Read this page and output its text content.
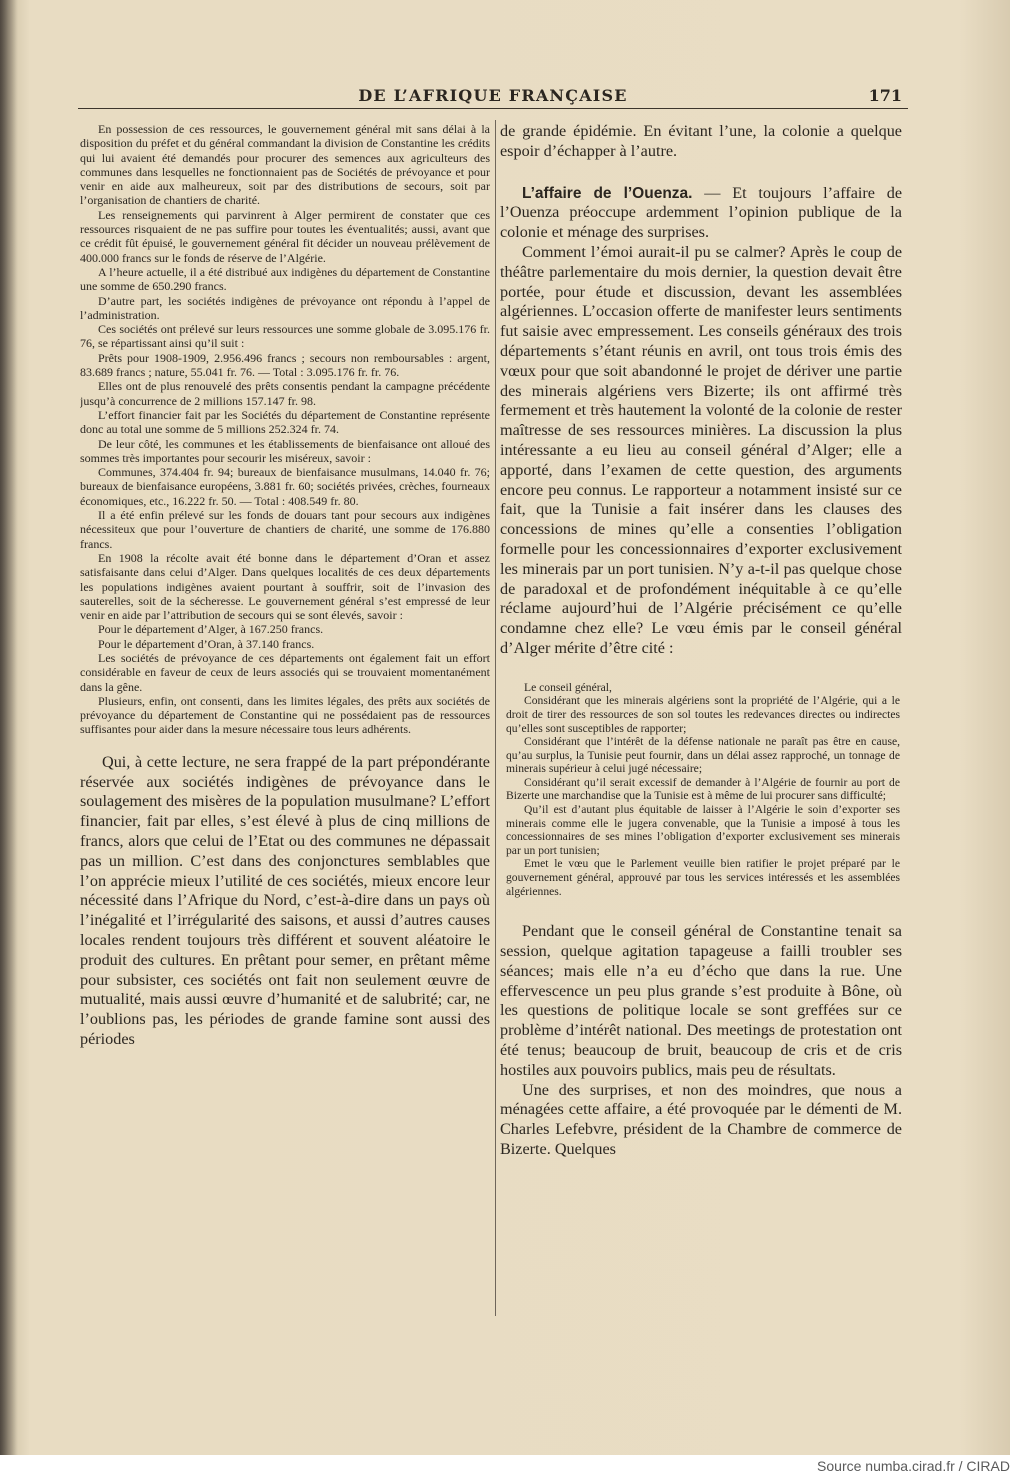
DE L’AFRIQUE FRANÇAISE	171

En possession de ces ressources, le gouvernement général mit sans délai à la disposition du préfet et du général commandant la division de Constantine les crédits qui lui avaient été demandés pour procurer des semences aux agriculteurs des communes dans lesquelles ne fonctionnaient pas de Sociétés de prévoyance et pour venir en aide aux malheureux, soit par des distributions de secours, soit par l’organisation de chantiers de charité.

Les renseignements qui parvinrent à Alger permirent de constater que ces ressources risquaient de ne pas suffire pour toutes les éventualités; aussi, avant que ce crédit fût épuisé, le gouvernement général fit décider un nouveau prélèvement de 400.000 francs sur le fonds de réserve de l’Algérie.

A l’heure actuelle, il a été distribué aux indigènes du département de Constantine une somme de 650.290 francs.

D’autre part, les sociétés indigènes de prévoyance ont répondu à l’appel de l’administration.

Ces sociétés ont prélevé sur leurs ressources une somme globale de 3.095.176 fr. 76, se répartissant ainsi qu’il suit :

Prêts pour 1908-1909, 2.956.496 francs ; secours non remboursables : argent, 83.689 francs ; nature, 55.041 fr. 76. — Total : 3.095.176 fr. fr. 76.

Elles ont de plus renouvelé des prêts consentis pendant la campagne précédente jusqu’à concurrence de 2 millions 157.147 fr. 98.

L’effort financier fait par les Sociétés du département de Constantine représente donc au total une somme de 5 millions 252.324 fr. 74.

De leur côté, les communes et les établissements de bienfaisance ont alloué des sommes très importantes pour secourir les miséreux, savoir :

Communes, 374.404 fr. 94; bureaux de bienfaisance musulmans, 14.040 fr. 76; bureaux de bienfaisance européens, 3.881 fr. 60; sociétés privées, crèches, fourneaux économiques, etc., 16.222 fr. 50. — Total : 408.549 fr. 80.

Il a été enfin prélevé sur les fonds de douars tant pour secours aux indigènes nécessiteux que pour l’ouverture de chantiers de charité, une somme de 176.880 francs.

En 1908 la récolte avait été bonne dans le département d’Oran et assez satisfaisante dans celui d’Alger. Dans quelques localités de ces deux départements les populations indigènes avaient pourtant à souffrir, soit de l’invasion des sauterelles, soit de la sécheresse. Le gouvernement général s’est empressé de leur venir en aide par l’attribution de secours qui se sont élevés, savoir :

Pour le département d’Alger, à 167.250 francs.

Pour le département d’Oran, à 37.140 francs.

Les sociétés de prévoyance de ces départements ont également fait un effort considérable en faveur de ceux de leurs associés qui se trouvaient momentanément dans la gêne.

Plusieurs, enfin, ont consenti, dans les limites légales, des prêts aux sociétés de prévoyance du département de Constantine qui ne possédaient pas de ressources suffisantes pour aider dans la mesure nécessaire tous leurs adhérents.

Qui, à cette lecture, ne sera frappé de la part prépondérante réservée aux sociétés indigènes de prévoyance dans le soulagement des misères de la population musulmane? L’effort financier, fait par elles, s’est élevé à plus de cinq millions de francs, alors que celui de l’Etat ou des communes ne dépassait pas un million. C’est dans des conjonctures semblables que l’on apprécie mieux l’utilité de ces sociétés, mieux encore leur nécessité dans l’Afrique du Nord, c’est-à-dire dans un pays où l’inégalité et l’irrégularité des saisons, et aussi d’autres causes locales rendent toujours très différent et souvent aléatoire le produit des cultures. En prêtant pour semer, en prêtant même pour subsister, ces sociétés ont fait non seulement œuvre de mutualité, mais aussi œuvre d’humanité et de salubrité; car, ne l’oublions pas, les périodes de grande famine sont aussi des périodes

de grande épidémie. En évitant l’une, la colonie a quelque espoir d’échapper à l’autre.

L’affaire de l’Ouenza. — Et toujours l’affaire de l’Ouenza préoccupe ardemment l’opinion publique de la colonie et ménage des surprises.

Comment l’émoi aurait-il pu se calmer? Après le coup de théâtre parlementaire du mois dernier, la question devait être portée, pour étude et discussion, devant les assemblées algériennes. L’occasion offerte de manifester leurs sentiments fut saisie avec empressement. Les conseils généraux des trois départements s’étant réunis en avril, ont tous trois émis des vœux pour que soit abandonné le projet de dériver une partie des minerais algériens vers Bizerte; ils ont affirmé très fermement et très hautement la volonté de la colonie de rester maîtresse de ses ressources minières. La discussion la plus intéressante a eu lieu au conseil général d’Alger; elle a apporté, dans l’examen de cette question, des arguments encore peu connus. Le rapporteur a notamment insisté sur ce fait, que la Tunisie a fait insérer dans les clauses des concessions de mines qu’elle a consenties l’obligation formelle pour les concessionnaires d’exporter exclusivement les minerais par un port tunisien. N’y a-t-il pas quelque chose de paradoxal et de profondément inéquitable à ce qu’elle réclame aujourd’hui de l’Algérie précisément ce qu’elle condamne chez elle? Le vœu émis par le conseil général d’Alger mérite d’être cité :

Le conseil général,

Considérant que les minerais algériens sont la propriété de l’Algérie, qui a le droit de tirer des ressources de son sol toutes les redevances directes ou indirectes qu’elles sont susceptibles de rapporter;

Considérant que l’intérêt de la défense nationale ne paraît pas être en cause, qu’au surplus, la Tunisie peut fournir, dans un délai assez rapproché, un tonnage de minerais supérieur à celui jugé nécessaire;

Considérant qu’il serait excessif de demander à l’Algérie de fournir au port de Bizerte une marchandise que la Tunisie est à même de lui procurer sans difficulté;

Qu’il est d’autant plus équitable de laisser à l’Algérie le soin d’exporter ses minerais comme elle le jugera convenable, que la Tunisie a imposé à tous les concessionnaires de ses mines l’obligation d’exporter exclusivement ses minerais par un port tunisien;

Emet le vœu que le Parlement veuille bien ratifier le projet préparé par le gouvernement général, approuvé par tous les services intéressés et les assemblées algériennes.

Pendant que le conseil général de Constantine tenait sa session, quelque agitation tapageuse a failli troubler ses séances; mais elle n’a eu d’écho que dans la rue. Une effervescence un peu plus grande s’est produite à Bône, où les questions de politique locale se sont greffées sur ce problème d’intérêt national. Des meetings de protestation ont été tenus; beaucoup de bruit, beaucoup de cris et de cris hostiles aux pouvoirs publics, mais peu de résultats.

Une des surprises, et non des moindres, que nous a ménagées cette affaire, a été provoquée par le démenti de M. Charles Lefebvre, président de la Chambre de commerce de Bizerte. Quelques

Source numba.cirad.fr / CIRAD
